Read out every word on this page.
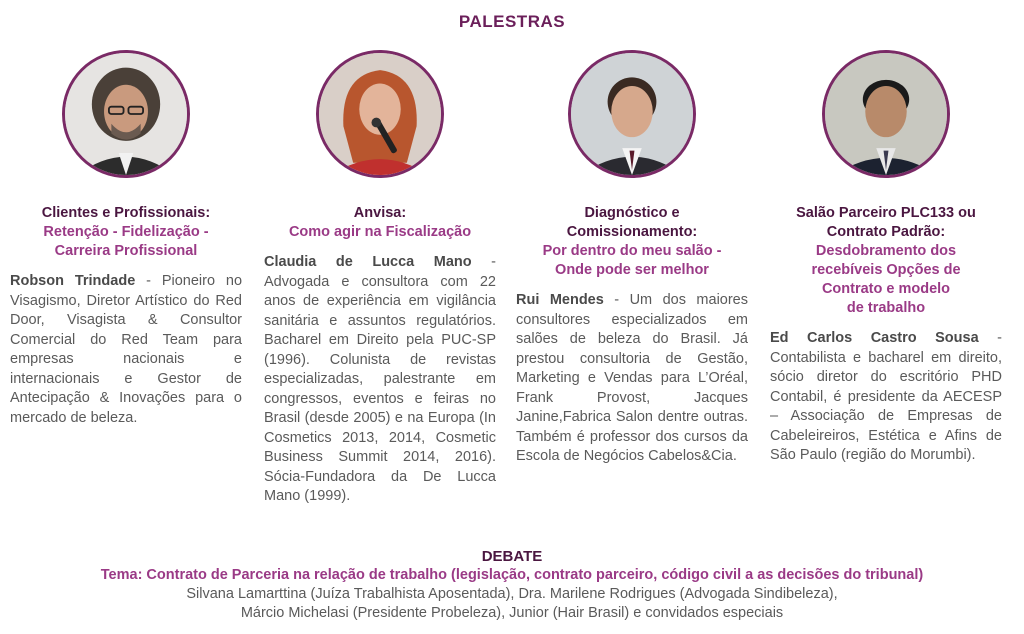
PALESTRAS
Clientes e Profissionais:
Retenção - Fidelização -
Carreira Profissional

Robson Trindade - Pioneiro no Visagismo, Diretor Artístico do Red Door, Visagista & Consultor Comercial do Red Team para empresas nacionais e internacionais e Gestor de Antecipação & Inovações para o mercado de beleza.

Anvisa:
Como agir na Fiscalização

Claudia de Lucca Mano - Advogada e consultora com 22 anos de experiência em vigilância sanitária e assuntos regulatórios. Bacharel em Direito pela PUC-SP (1996). Colunista de revistas especializadas, palestrante em congressos, eventos e feiras no Brasil (desde 2005) e na Europa (In Cosmetics 2013, 2014, Cosmetic Business Summit 2014, 2016). Sócia-Fundadora da De Lucca Mano (1999).

Diagnóstico e
Comissionamento:
Por dentro do meu salão -
Onde pode ser melhor

Rui Mendes - Um dos maiores consultores especializados em salões de beleza do Brasil. Já prestou consultoria de Gestão, Marketing e Vendas para L’Oréal, Frank Provost, Jacques Janine,Fabrica Salon dentre outras. Também é professor dos cursos da Escola de Negócios Cabelos&Cia.

Salão Parceiro PLC133 ou
Contrato Padrão:
Desdobramento dos
recebíveis Opções de
Contrato e modelo
de trabalho

Ed Carlos Castro Sousa - Contabilista e bacharel em direito, sócio diretor do escritório PHD Contabil, é presidente da AECESP – Associação de Empresas de Cabeleireiros, Estética e Afins de São Paulo (região do Morumbi).

DEBATE
Tema: Contrato de Parceria na relação de trabalho (legislação, contrato parceiro, código civil a as decisões do tribunal)
Silvana Lamarttina (Juíza Trabalhista Aposentada), Dra. Marilene Rodrigues (Advogada Sindibeleza),
Márcio Michelasi (Presidente Probeleza), Junior (Hair Brasil) e convidados especiais
